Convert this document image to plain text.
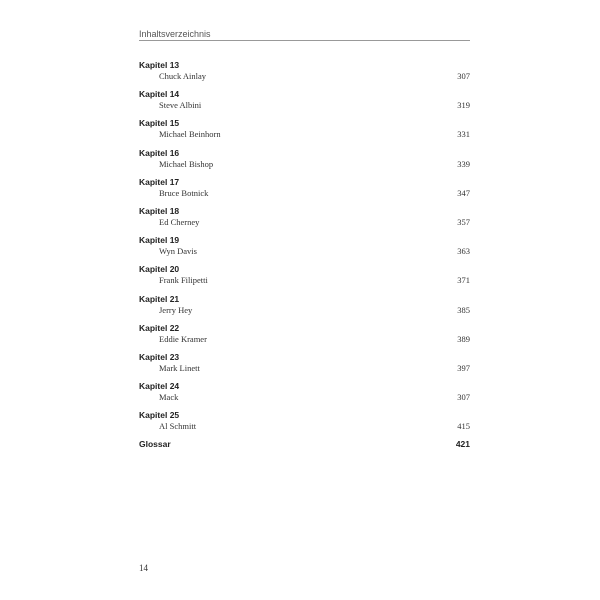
Inhaltsverzeichnis
Kapitel 13
Chuck Ainlay	307
Kapitel 14
Steve Albini	319
Kapitel 15
Michael Beinhorn	331
Kapitel 16
Michael Bishop	339
Kapitel 17
Bruce Botnick	347
Kapitel 18
Ed Cherney	357
Kapitel 19
Wyn Davis	363
Kapitel 20
Frank Filipetti	371
Kapitel 21
Jerry Hey	385
Kapitel 22
Eddie Kramer	389
Kapitel 23
Mark Linett	397
Kapitel 24
Mack	307
Kapitel 25
Al Schmitt	415
Glossar	421
14
